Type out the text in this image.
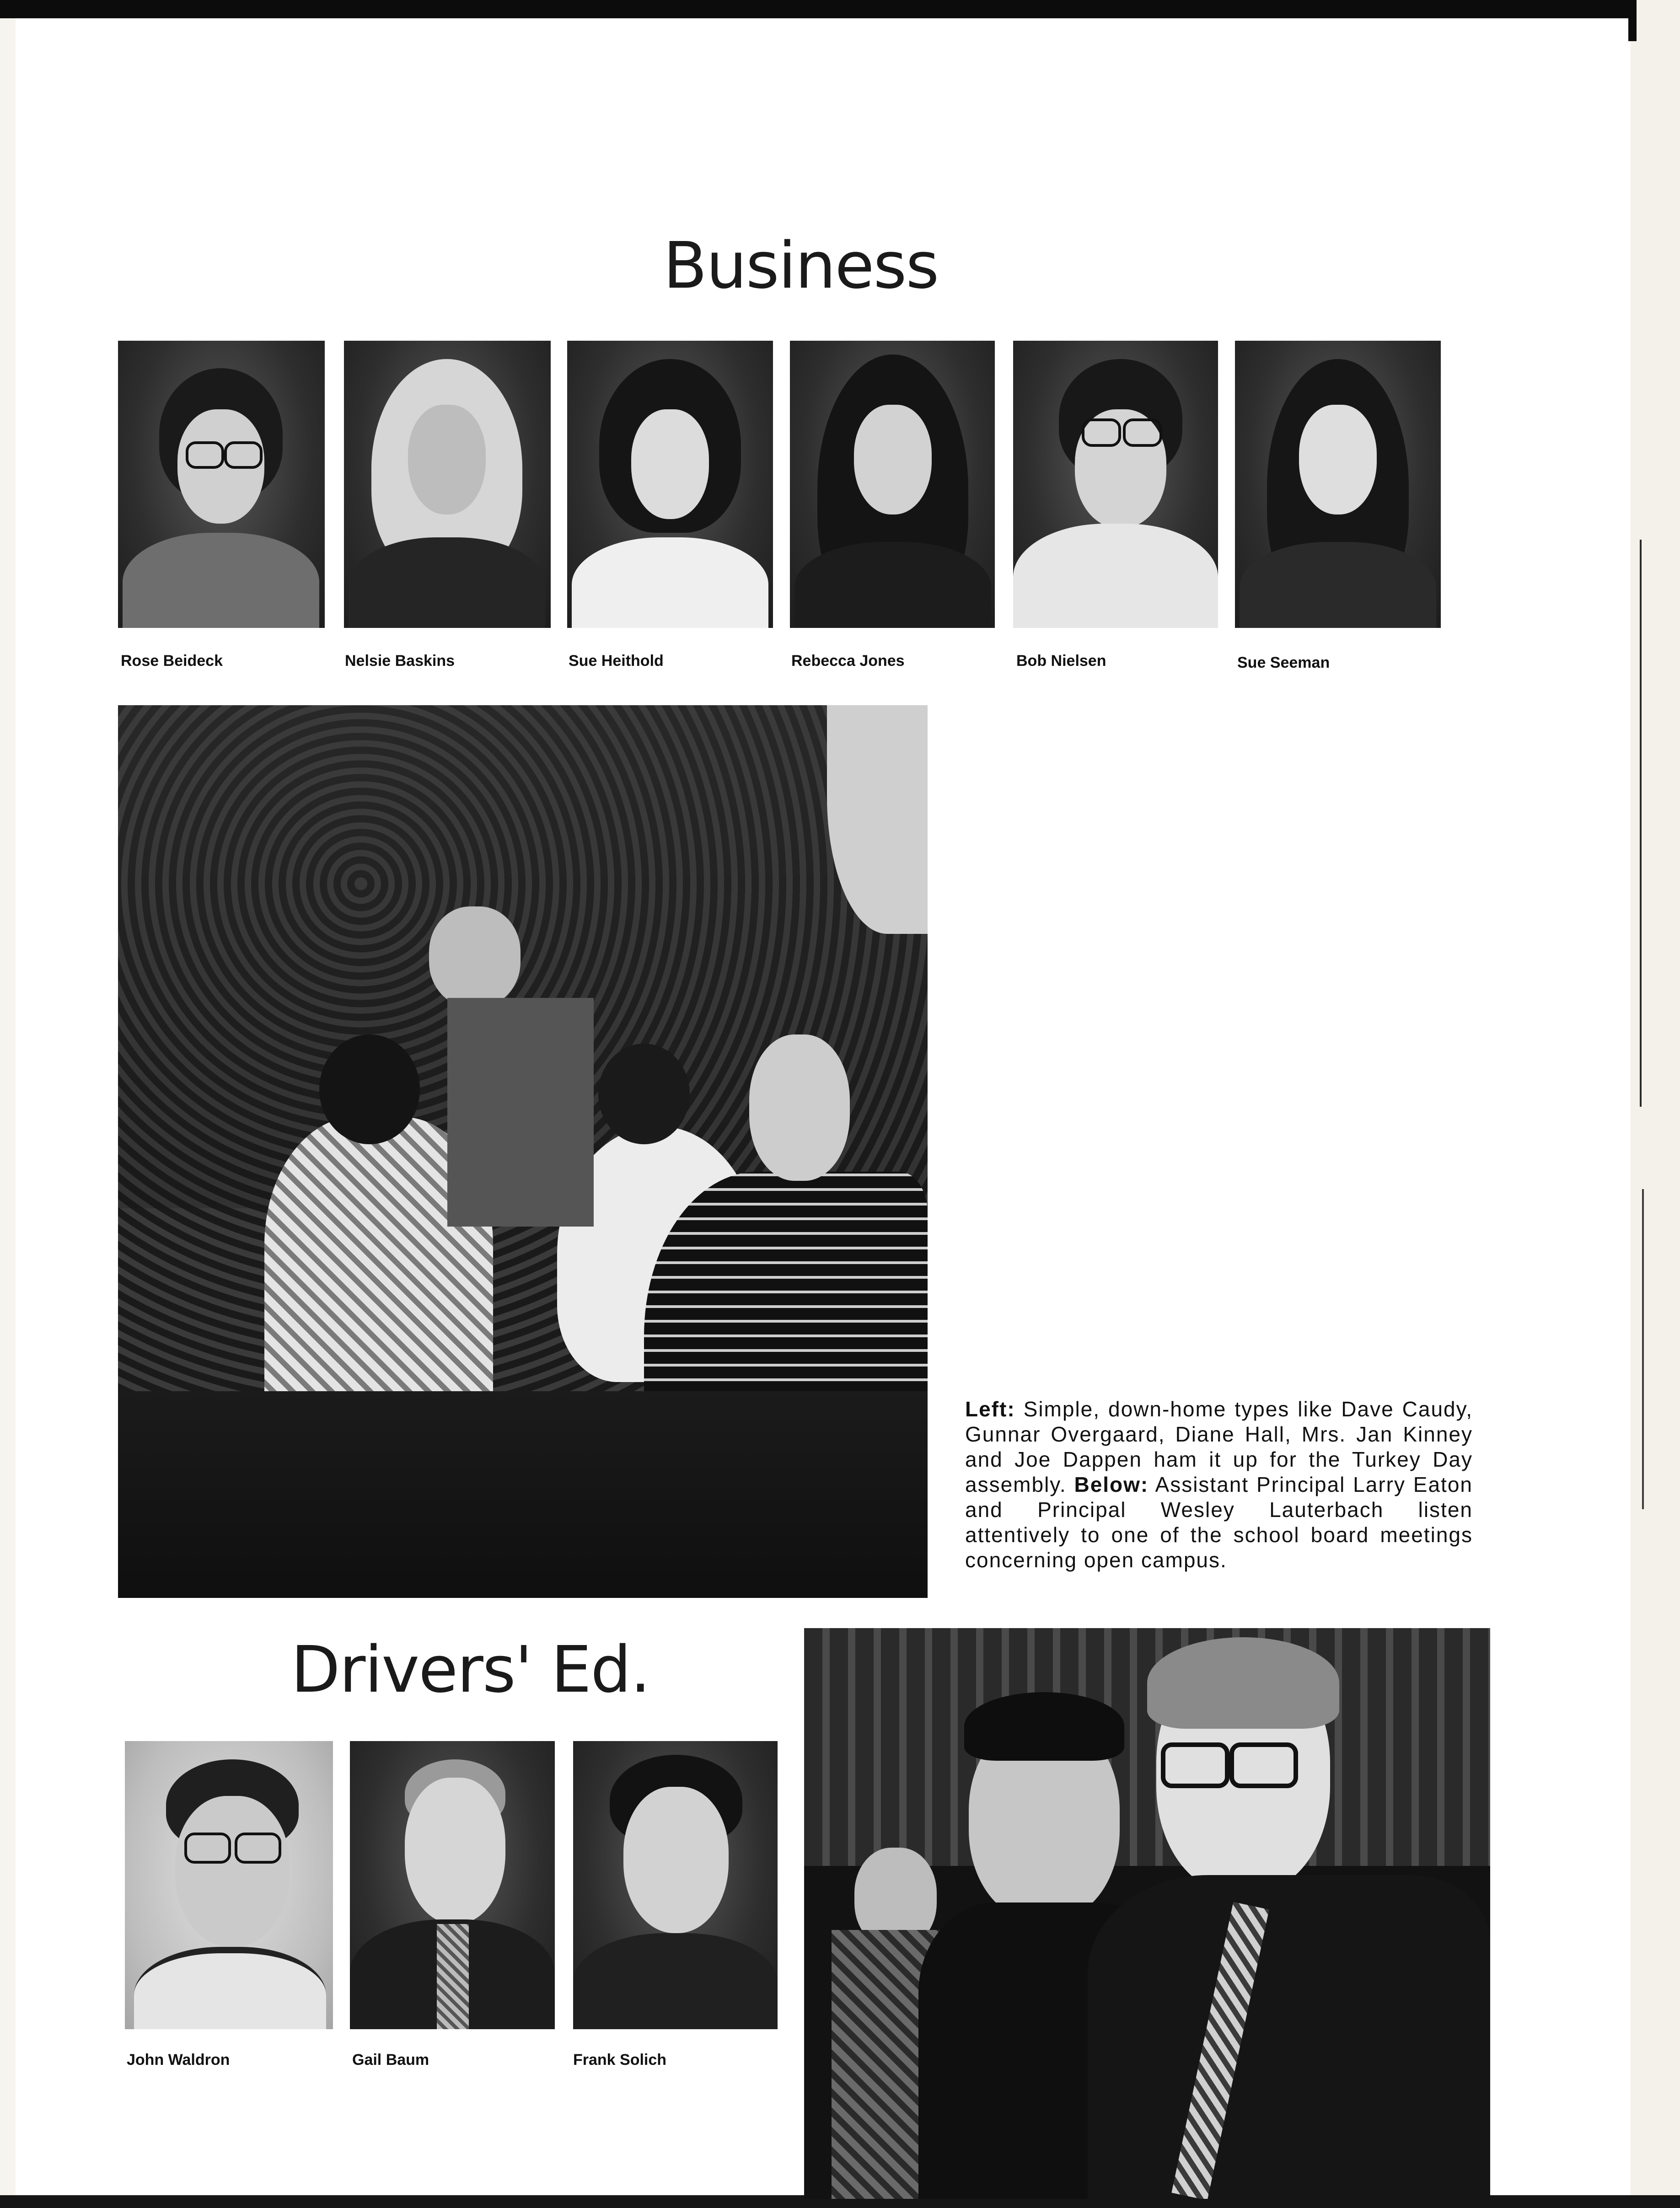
Business
Rose Beideck	Nelsie Baskins	Sue Heithold	Rebecca Jones	Bob Nielsen	Sue Seeman
Left: Simple, down-home types like Dave Caudy, Gunnar Overgaard, Diane Hall, Mrs. Jan Kinney and Joe Dappen ham it up for the Turkey Day assembly. Below: Assistant Principal Larry Eaton and Principal Wesley Lauterbach listen attentively to one of the school board meetings concerning open campus.
Drivers' Ed.
John Waldron	Gail Baum	Frank Solich
